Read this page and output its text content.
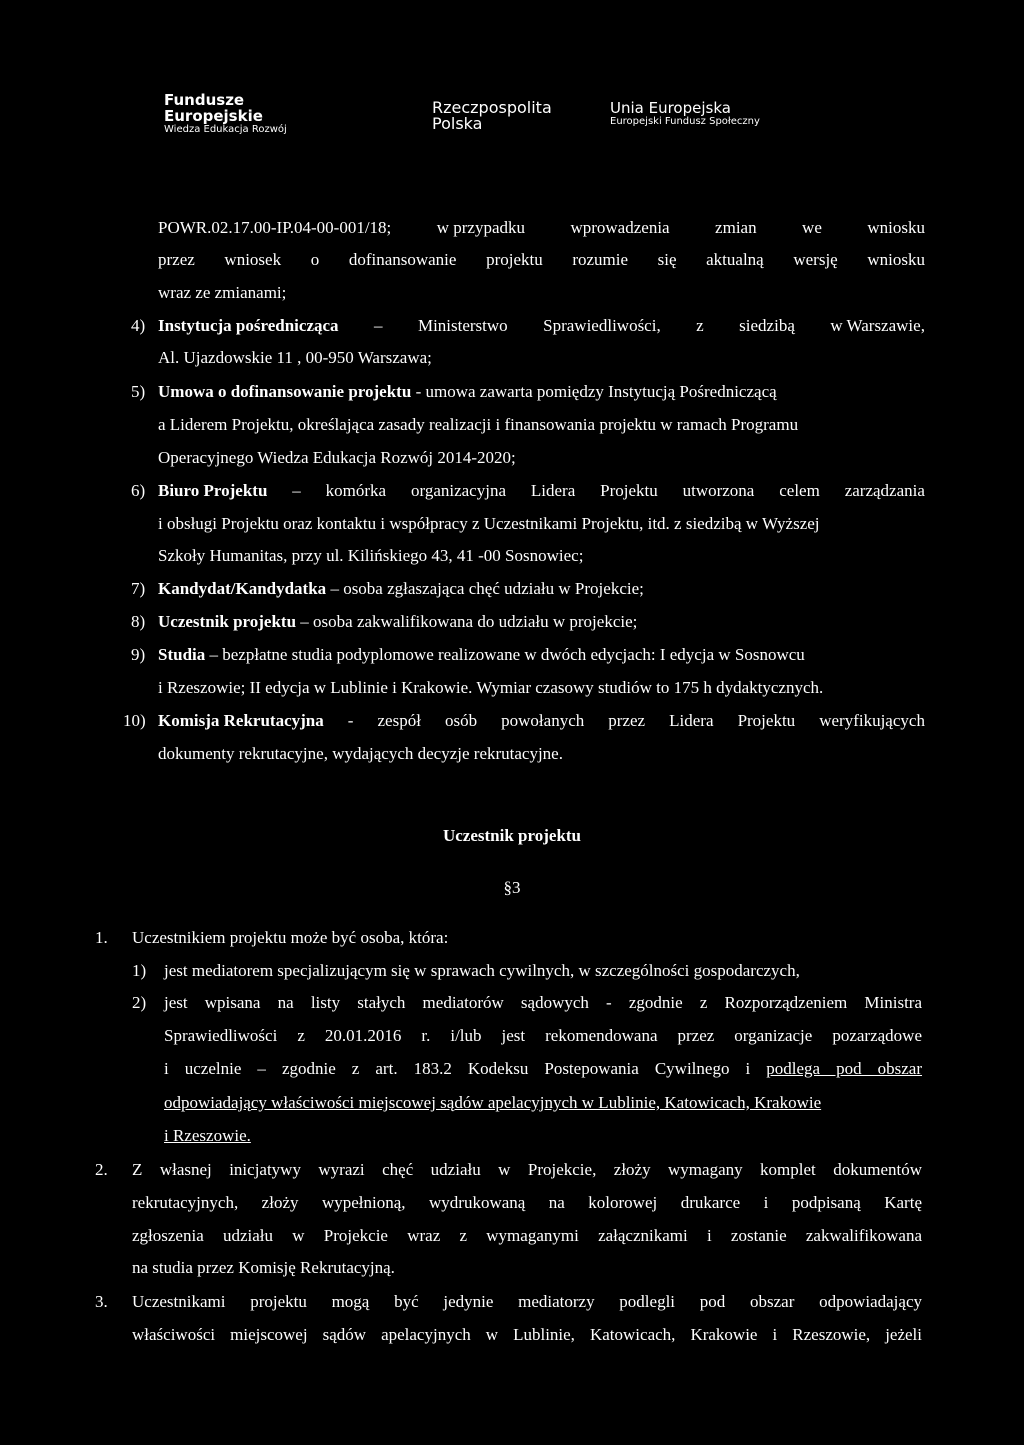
Fundusze
Europejskie
Wiedza Edukacja Rozwój
Rzeczpospolita
Polska
Unia Europejska
Europejski Fundusz Społeczny
POWR.02.17.00-IP.04-00-001/18;	w przypadku	wprowadzenia	zmian	we	wniosku
przez wniosek o dofinansowanie projektu rozumie się aktualną wersję wniosku
wraz ze zmianami;
4) Instytucja pośrednicząca – Ministerstwo Sprawiedliwości, z siedzibą w Warszawie,
Al. Ujazdowskie 11 , 00-950 Warszawa;
5) Umowa o dofinansowanie projektu - umowa zawarta pomiędzy Instytucją Pośredniczącą
a Liderem Projektu, określająca zasady realizacji i finansowania projektu w ramach Programu
Operacyjnego Wiedza Edukacja Rozwój 2014-2020;
6) Biuro Projektu – komórka organizacyjna Lidera Projektu utworzona celem zarządzania
i obsługi Projektu oraz kontaktu i współpracy z Uczestnikami Projektu, itd. z siedzibą w Wyższej
Szkoły Humanitas, przy ul. Kilińskiego 43, 41 -00 Sosnowiec;
7) Kandydat/Kandydatka – osoba zgłaszająca chęć udziału w Projekcie;
8) Uczestnik projektu – osoba zakwalifikowana do udziału w projekcie;
9) Studia – bezpłatne studia podyplomowe realizowane w dwóch edycjach: I edycja w Sosnowcu
i Rzeszowie; II edycja w Lublinie i Krakowie. Wymiar czasowy studiów to 175 h dydaktycznych.
10) Komisja Rekrutacyjna - zespół osób powołanych przez Lidera Projektu weryfikujących
dokumenty rekrutacyjne, wydających decyzje rekrutacyjne.
Uczestnik projektu
§3
1. Uczestnikiem projektu może być osoba, która:
1) jest mediatorem specjalizującym się w sprawach cywilnych, w szczególności gospodarczych,
2) jest wpisana na listy stałych mediatorów sądowych - zgodnie z Rozporządzeniem Ministra
Sprawiedliwości z 20.01.2016 r. i/lub jest rekomendowana przez organizacje pozarządowe
i uczelnie – zgodnie z art. 183.2 Kodeksu Postepowania Cywilnego i podlega pod obszar
odpowiadający właściwości miejscowej sądów apelacyjnych w Lublinie, Katowicach, Krakowie
i Rzeszowie.
2. Z własnej inicjatywy wyrazi chęć udziału w Projekcie, złoży wymagany komplet dokumentów
rekrutacyjnych, złoży wypełnioną, wydrukowaną na kolorowej drukarce i podpisaną Kartę
zgłoszenia udziału w Projekcie wraz z wymaganymi załącznikami i zostanie zakwalifikowana
na studia przez Komisję Rekrutacyjną.
3. Uczestnikami projektu mogą być jedynie mediatorzy podlegli pod obszar odpowiadający
właściwości miejscowej sądów apelacyjnych w Lublinie, Katowicach, Krakowie i Rzeszowie, jeżeli
